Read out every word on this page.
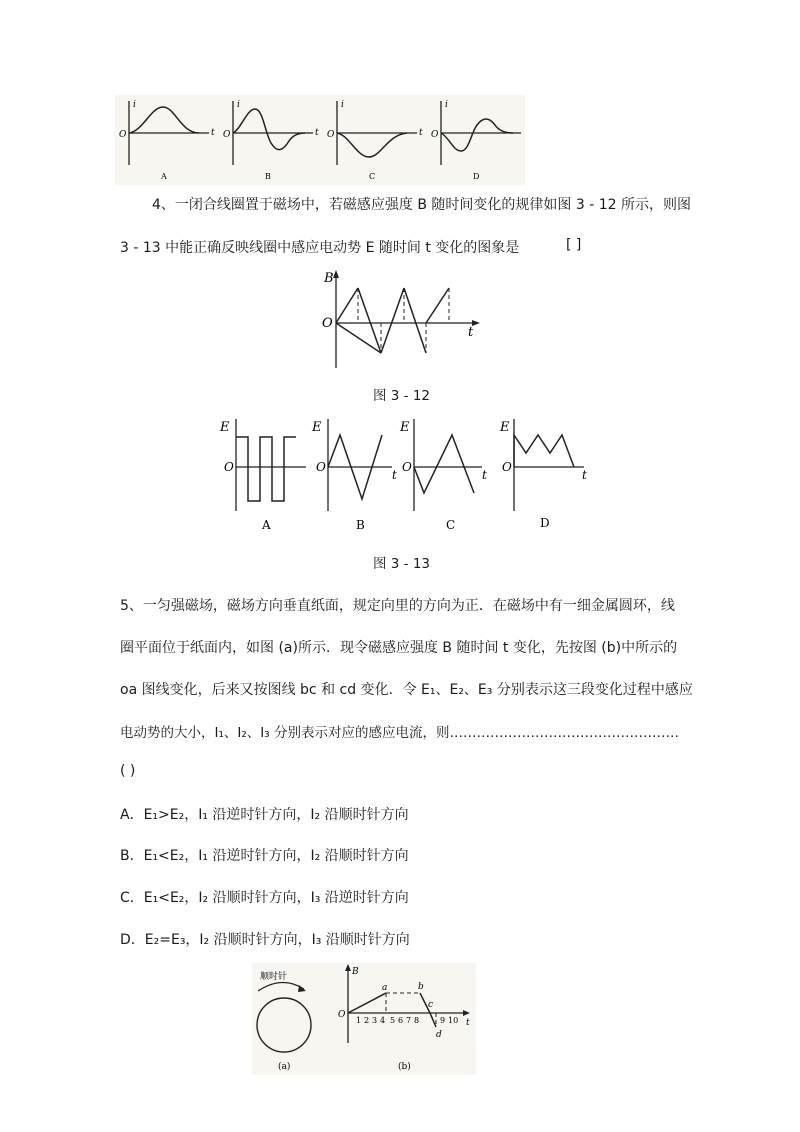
i
O	t
A
i
O	t
B
i
O	t
C
i
O
D
4、一闭合线圈置于磁场中，若磁感应强度 B 随时间变化的规律如图 3 - 12 所示，则图
3 - 13 中能正确反映线圈中感应电动势 E 随时间 t 变化的图象是	[ ]
B
O
t
图 3 - 12
E
O
A
E
O
t
B
E
O
t
C
E
O
t
D
图 3 - 13
5、一匀强磁场，磁场方向垂直纸面，规定向里的方向为正．在磁场中有一细金属圆环，线
圈平面位于纸面内，如图 (a)所示．现令磁感应强度 B 随时间 t 变化，先按图 (b)中所示的
oa 图线变化，后来又按图线 bc 和 cd 变化．令 E₁、E₂、E₃ 分别表示这三段变化过程中感应
电动势的大小，I₁、I₂、I₃ 分别表示对应的感应电流，则……………………………………………
( )
A．E₁>E₂，I₁ 沿逆时针方向，I₂ 沿顺时针方向
B．E₁<E₂，I₁ 沿逆时针方向，I₂ 沿顺时针方向
C．E₁<E₂，I₂ 沿顺时针方向，I₃ 沿逆时针方向
D．E₂=E₃，I₂ 沿顺时针方向，I₃ 沿顺时针方向
顺时针
(a)
B
O
t
a	b
c
d
1 2 3 4 5 6 7 8	9 10
(b)
